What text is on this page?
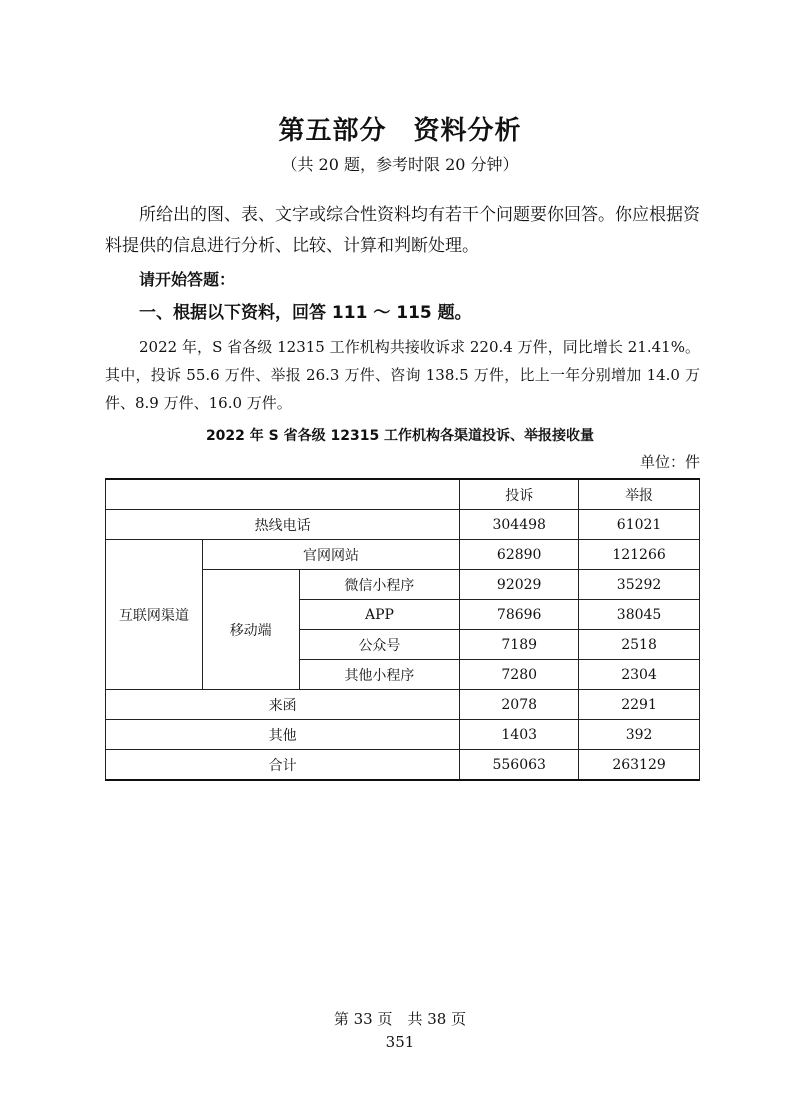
第五部分　资料分析
（共 20 题，参考时限 20 分钟）
所给出的图、表、文字或综合性资料均有若干个问题要你回答。你应根据资料提供的信息进行分析、比较、计算和判断处理。
请开始答题：
一、根据以下资料，回答 111 ～ 115 题。
2022 年，S 省各级 12315 工作机构共接收诉求 220.4 万件，同比增长 21.41%。其中，投诉 55.6 万件、举报 26.3 万件、咨询 138.5 万件，比上一年分别增加 14.0 万件、8.9 万件、16.0 万件。
2022 年 S 省各级 12315 工作机构各渠道投诉、举报接收量
单位：件
			投诉	举报
热线电话			304498	61021
互联网渠道	官网网站		62890	121266
	移动端	微信小程序	92029	35292
		APP	78696	38045
		公众号	7189	2518
		其他小程序	7280	2304
来函			2078	2291
其他			1403	392
合计			556063	263129
第 33 页　共 38 页
351
